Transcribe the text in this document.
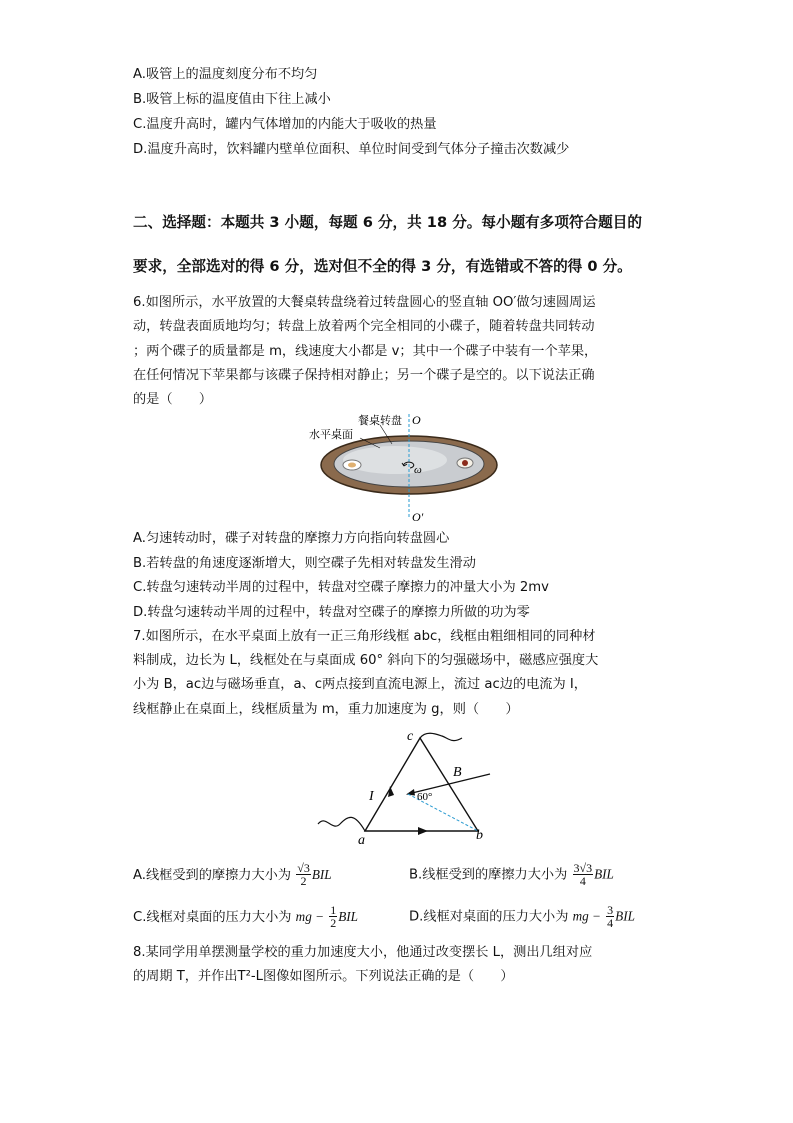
A.吸管上的温度刻度分布不均匀
B.吸管上标的温度值由下往上减小
C.温度升高时，罐内气体增加的内能大于吸收的热量
D.温度升高时，饮料罐内壁单位面积、单位时间受到气体分子撞击次数减少
二、选择题：本题共 3 小题，每题 6 分，共 18 分。每小题有多项符合题目的
要求，全部选对的得 6 分，选对但不全的得 3 分，有选错或不答的得 0 分。
6.如图所示，水平放置的大餐桌转盘绕着过转盘圆心的竖直轴 OO′做匀速圆周运
动，转盘表面质地均匀；转盘上放着两个完全相同的小碟子，随着转盘共同转动
；两个碟子的质量都是 m，线速度大小都是 v；其中一个碟子中装有一个苹果，
在任何情况下苹果都与该碟子保持相对静止；另一个碟子是空的。以下说法正确
的是（　　）
ω
餐桌转盘
水平桌面
O
O′
A.匀速转动时，碟子对转盘的摩擦力方向指向转盘圆心
B.若转盘的角速度逐渐增大，则空碟子先相对转盘发生滑动
C.转盘匀速转动半周的过程中，转盘对空碟子摩擦力的冲量大小为 2mv
D.转盘匀速转动半周的过程中，转盘对空碟子的摩擦力所做的功为零
7.如图所示，在水平桌面上放有一正三角形线框 abc，线框由粗细相同的同种材
料制成，边长为 L，线框处在与桌面成 60° 斜向下的匀强磁场中，磁感应强度大
小为 B，ac边与磁场垂直，a、c两点接到直流电源上，流过 ac边的电流为 I，
线框静止在桌面上，线框质量为 m，重力加速度为 g，则（　　）
a	b
c
B
I	60°
A.线框受到的摩擦力大小为 $\frac{√3}{2}$ BIL	B.线框受到的摩擦力大小为 $\frac{3√3}{4}$ BIL
C.线框对桌面的压力大小为 mg − $\frac{1}{2}$ BIL	D.线框对桌面的压力大小为 mg − $\frac{3}{4}$ BIL
8.某同学用单摆测量学校的重力加速度大小，他通过改变摆长 L，测出几组对应
的周期 T，并作出T²-L图像如图所示。下列说法正确的是（　　）
